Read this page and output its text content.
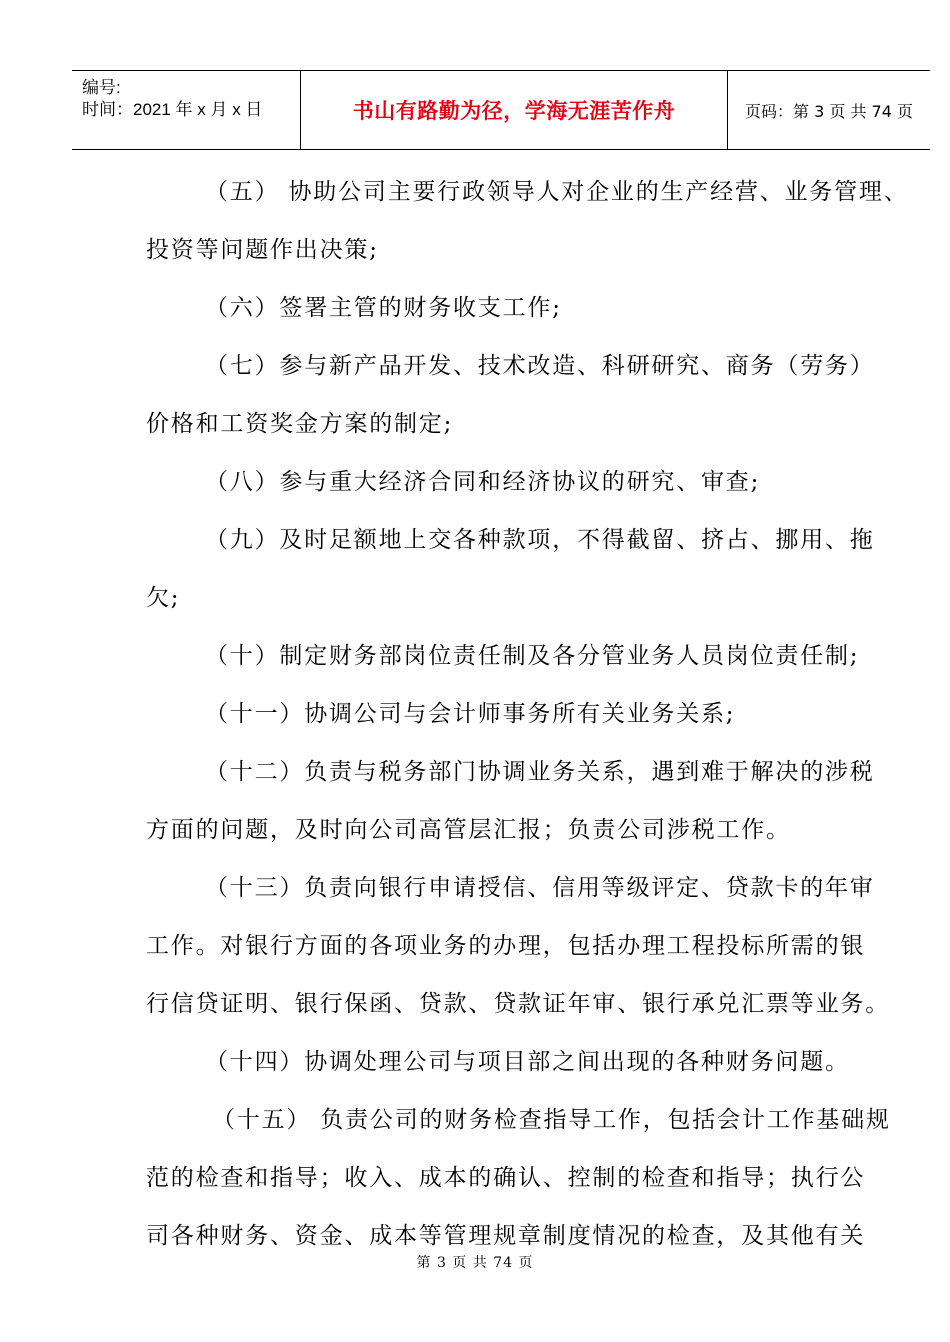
编号:
时间：2021 年 x 月 x 日	书山有路勤为径，学海无涯苦作舟	页码：第 3 页 共 74 页
（五） 协助公司主要行政领导人对企业的生产经营、业务管理、
投资等问题作出决策;
（六）签署主管的财务收支工作;
（七）参与新产品开发、技术改造、科研研究、商务（劳务）
价格和工资奖金方案的制定;
（八）参与重大经济合同和经济协议的研究、审查;
（九）及时足额地上交各种款项，不得截留、挤占、挪用、拖
欠;
（十）制定财务部岗位责任制及各分管业务人员岗位责任制;
（十一）协调公司与会计师事务所有关业务关系;
（十二）负责与税务部门协调业务关系，遇到难于解决的涉税
方面的问题，及时向公司高管层汇报；负责公司涉税工作。
（十三）负责向银行申请授信、信用等级评定、贷款卡的年审
工作。对银行方面的各项业务的办理，包括办理工程投标所需的银
行信贷证明、银行保函、贷款、贷款证年审、银行承兑汇票等业务。
（十四）协调处理公司与项目部之间出现的各种财务问题。
（十五） 负责公司的财务检查指导工作，包括会计工作基础规
范的检查和指导；收入、成本的确认、控制的检查和指导；执行公
司各种财务、资金、成本等管理规章制度情况的检查，及其他有关
第 3 页 共 74 页
